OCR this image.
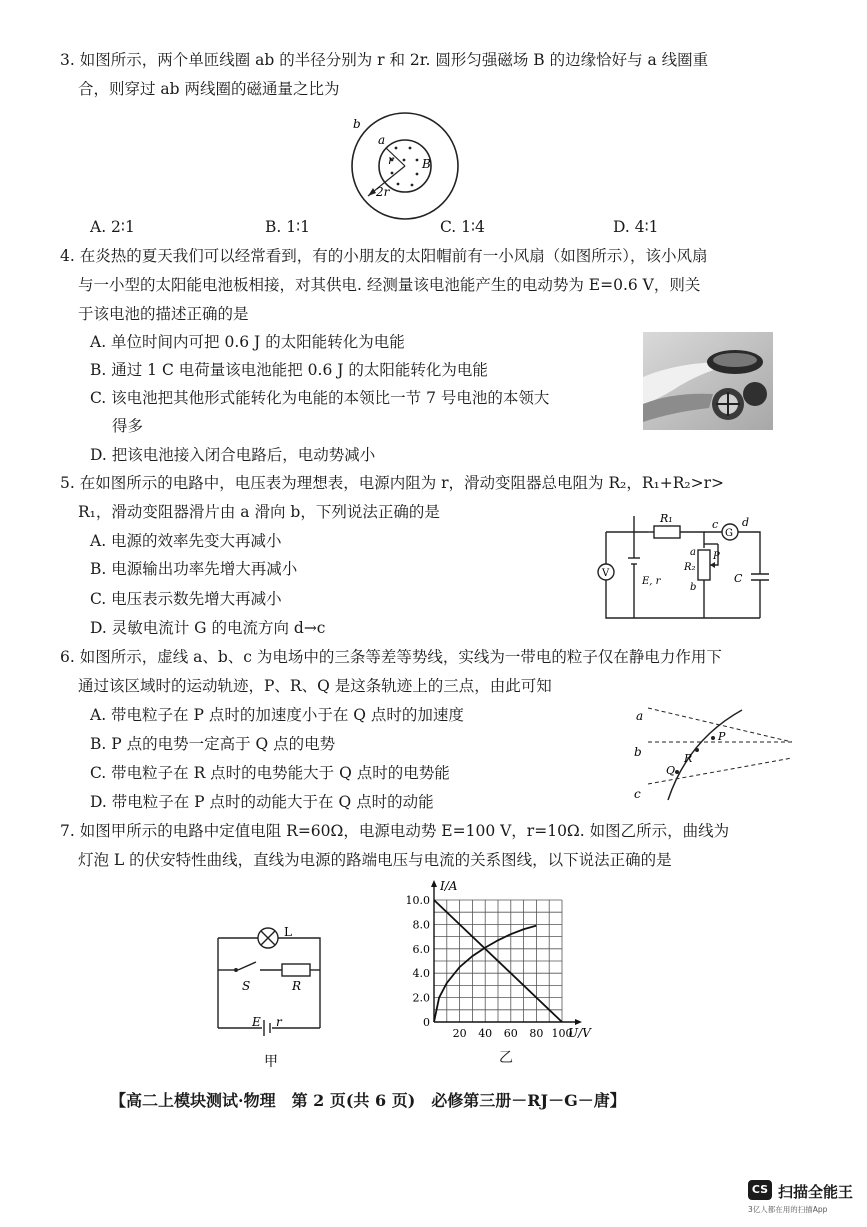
3. 如图所示，两个单匝线圈 ab 的半径分别为 r 和 2r. 圆形匀强磁场 B 的边缘恰好与 a 线圈重
合，则穿过 ab 两线圈的磁通量之比为
b
a
r B
2r
A. 2∶1	B. 1∶1	C. 1∶4	D. 4∶1
4. 在炎热的夏天我们可以经常看到，有的小朋友的太阳帽前有一小风扇（如图所示），该小风扇
与一小型的太阳能电池板相接，对其供电. 经测量该电池能产生的电动势为 E=0.6 V，则关
于该电池的描述正确的是
A. 单位时间内可把 0.6 J 的太阳能转化为电能
B. 通过 1 C 电荷量该电池能把 0.6 J 的太阳能转化为电能
C. 该电池把其他形式能转化为电能的本领比一节 7 号电池的本领大
得多
D. 把该电池接入闭合电路后，电动势减小
5. 在如图所示的电路中，电压表为理想表，电源内阻为 r，滑动变阻器总电阻为 R₂，R₁+R₂>r>
R₁，滑动变阻器滑片由 a 滑向 b，下列说法正确的是
A. 电源的效率先变大再减小
B. 电源输出功率先增大再减小
C. 电压表示数先增大再减小
D. 灵敏电流计 G 的电流方向 d→c
R₁	c
G
d
a P
R₂
b
V
E, r	C
6. 如图所示，虚线 a、b、c 为电场中的三条等差等势线，实线为一带电的粒子仅在静电力作用下
通过该区域时的运动轨迹，P、R、Q 是这条轨迹上的三点，由此可知
A. 带电粒子在 P 点时的加速度小于在 Q 点时的加速度
B. P 点的电势一定高于 Q 点的电势
C. 带电粒子在 R 点时的电势能大于 Q 点时的电势能
D. 带电粒子在 P 点时的动能大于在 Q 点时的动能
a
b
c
P
R
Q
7. 如图甲所示的电路中定值电阻 R=60Ω，电源电动势 E=100 V，r=10Ω. 如图乙所示，曲线为
灯泡 L 的伏安特性曲线，直线为电源的路端电压与电流的关系图线，以下说法正确的是
L
S	R
E r
甲
20 40 60 80 100
0
2.0
4.0
6.0
8.0
10.0
I/A
U/V
乙
【高二上模块测试·物理　第 2 页(共 6 页)　必修第三册－RJ－G－唐】
CS 扫描全能王
3亿人都在用的扫描App
